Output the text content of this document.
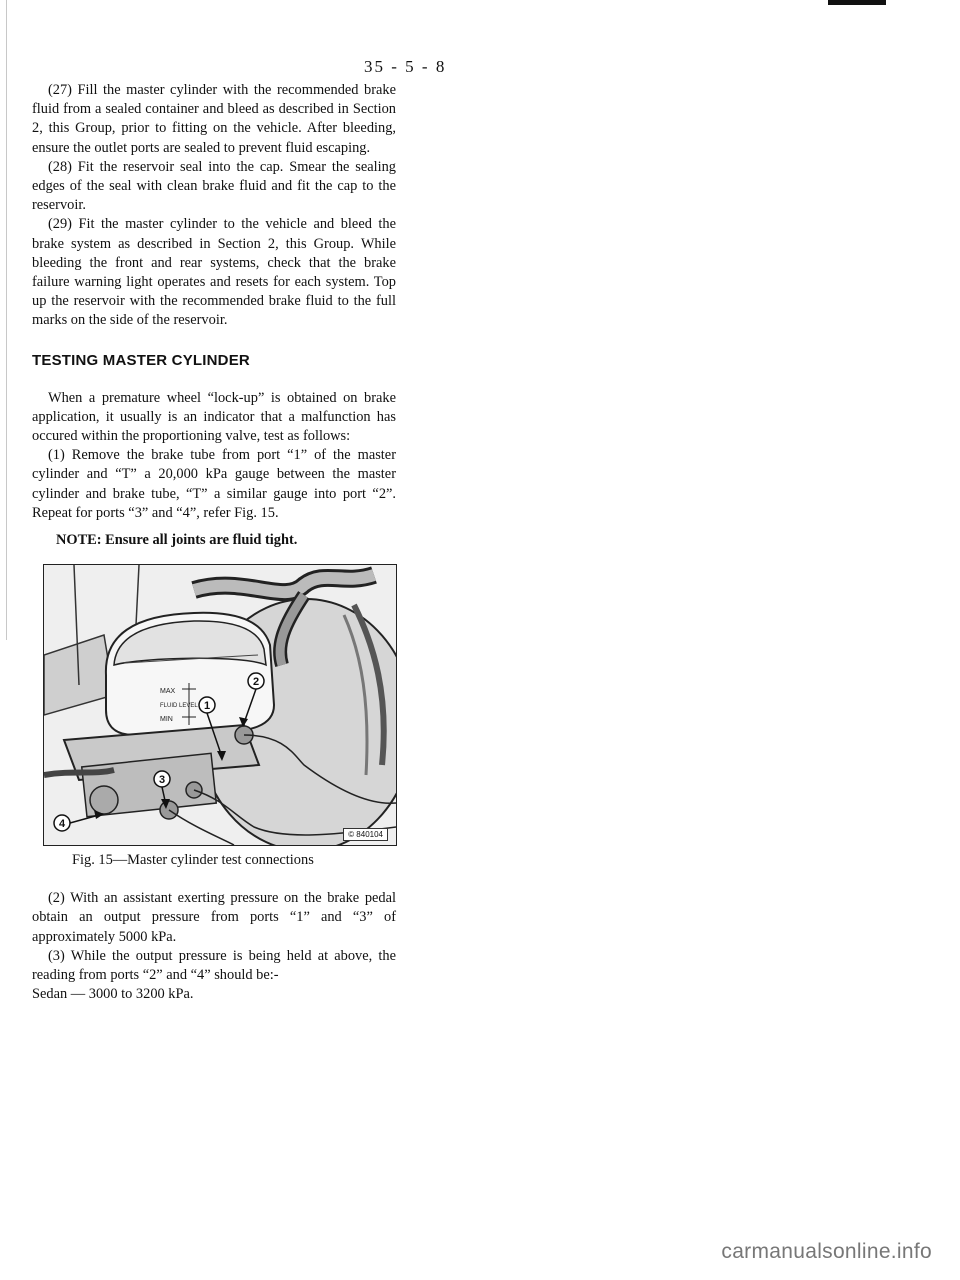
35 - 5 - 8

(27) Fill the master cylinder with the recommended brake fluid from a sealed container and bleed as described in Section 2, this Group, prior to fitting on the vehicle. After bleeding, ensure the outlet ports are sealed to prevent fluid escaping.

(28) Fit the reservoir seal into the cap. Smear the sealing edges of the seal with clean brake fluid and fit the cap to the reservoir.

(29) Fit the master cylinder to the vehicle and bleed the brake system as described in Section 2, this Group. While bleeding the front and rear systems, check that the brake failure warning light operates and resets for each system. Top up the reservoir with the recommended brake fluid to the full marks on the side of the reservoir.

TESTING MASTER CYLINDER

When a premature wheel “lock-up” is obtained on brake application, it usually is an indicator that a malfunction has occured within the proportioning valve, test as follows:

(1) Remove the brake tube from port “1” of the master cylinder and “T” a 20,000 kPa gauge between the master cylinder and brake tube, “T” a similar gauge into port “2”. Repeat for ports “3” and “4”, refer Fig. 15.

NOTE: Ensure all joints are fluid tight.

MAX
FLUID LEVEL
MIN
1
2
3
4
© 840104
Fig. 15—Master cylinder test connections

(2) With an assistant exerting pressure on the brake pedal obtain an output pressure from ports “1” and “3” of approximately 5000 kPa.

(3) While the output pressure is being held at above, the reading from ports “2” and “4” should be:-

Sedan — 3000 to 3200 kPa.

carmanualsonline.info
